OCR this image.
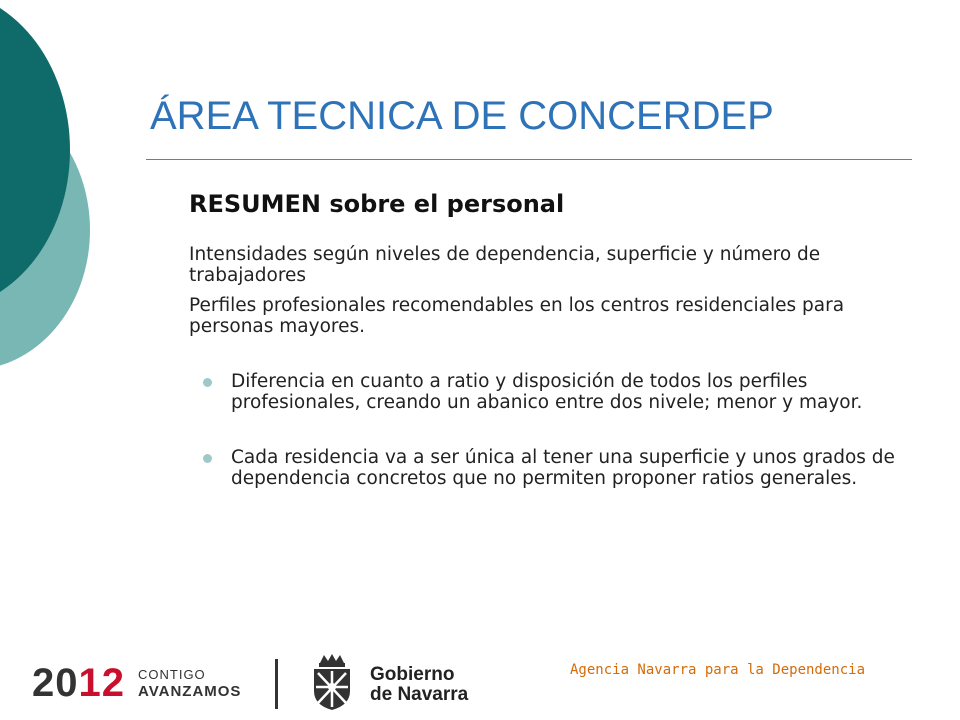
ÁREA TECNICA DE CONCERDEP
RESUMEN sobre el personal

Intensidades según niveles de dependencia, superficie y número de trabajadores

Perfiles profesionales recomendables en los centros residenciales para personas mayores.

Diferencia en cuanto a ratio y disposición de todos los perfiles profesionales, creando un abanico entre dos nivele; menor y mayor.
Cada residencia va a ser única al tener una superficie y unos grados de dependencia concretos que no permiten proponer ratios generales.
2012 CONTIGO
AVANZAMOS
Gobierno
de Navarra
Agencia Navarra para la Dependencia
